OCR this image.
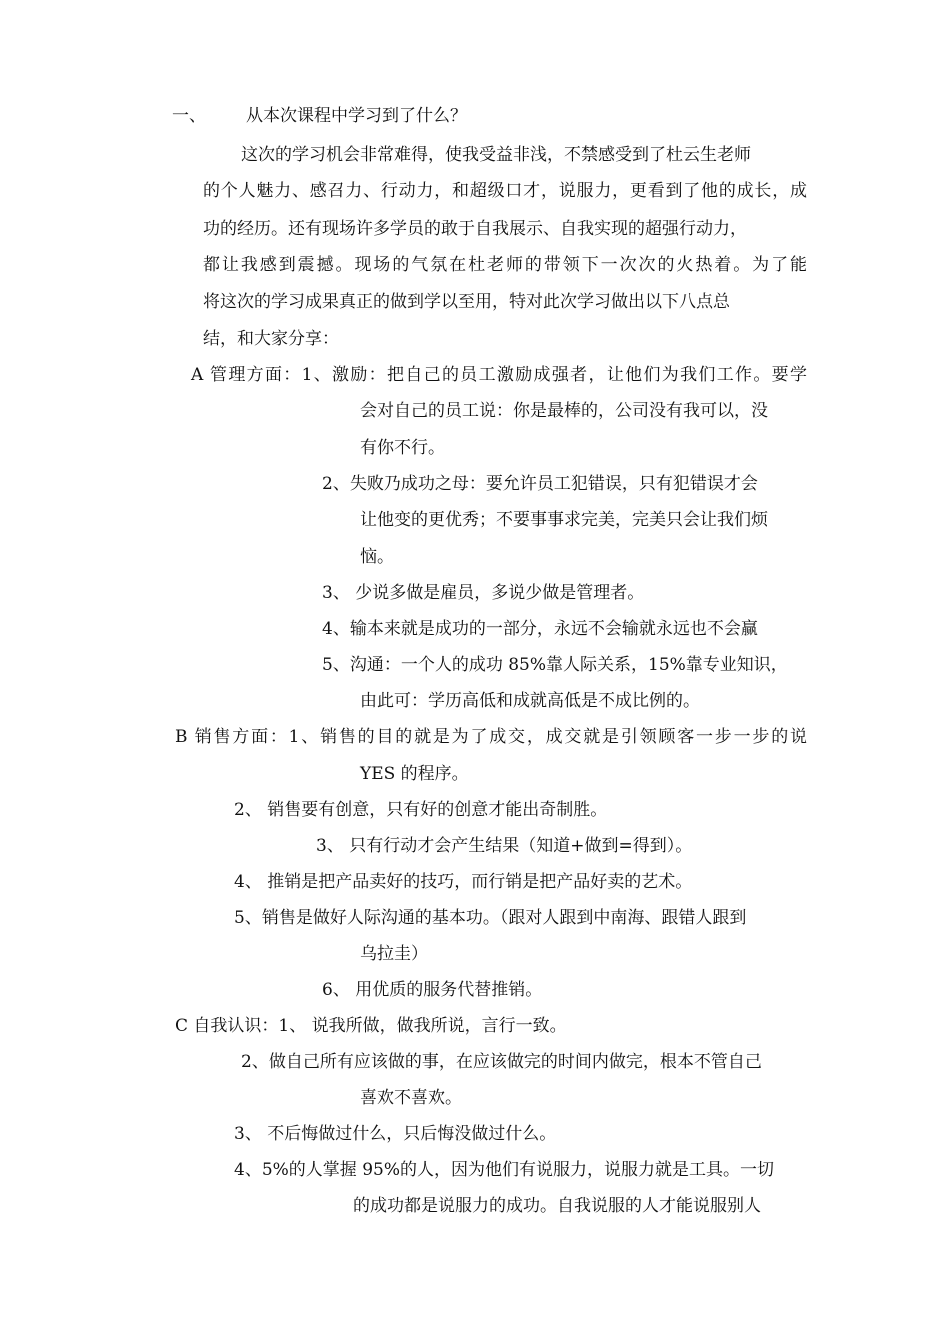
一、 从本次课程中学习到了什么？
这次的学习机会非常难得，使我受益非浅，不禁感受到了杜云生老师
的个人魅力、感召力、行动力，和超级口才，说服力，更看到了他的成长，成
功的经历。还有现场许多学员的敢于自我展示、自我实现的超强行动力，
都让我感到震撼。现场的气氛在杜老师的带领下一次次的火热着。为了能
将这次的学习成果真正的做到学以至用，特对此次学习做出以下八点总
结，和大家分享：
A 管理方面：1、激励：把自己的员工激励成强者，让他们为我们工作。要学
会对自己的员工说：你是最棒的，公司没有我可以，没
有你不行。
2、失败乃成功之母：要允许员工犯错误，只有犯错误才会
让他变的更优秀；不要事事求完美，完美只会让我们烦
恼。
3、 少说多做是雇员，多说少做是管理者。
4、输本来就是成功的一部分，永远不会输就永远也不会赢
5、沟通：一个人的成功 85%靠人际关系，15%靠专业知识，
由此可：学历高低和成就高低是不成比例的。
B 销售方面：1、销售的目的就是为了成交，成交就是引领顾客一步一步的说
YES 的程序。
2、 销售要有创意，只有好的创意才能出奇制胜。
3、 只有行动才会产生结果（知道+做到=得到）。
4、 推销是把产品卖好的技巧，而行销是把产品好卖的艺术。
5、销售是做好人际沟通的基本功。（跟对人跟到中南海、跟错人跟到
乌拉圭）
6、 用优质的服务代替推销。
C 自我认识：1、 说我所做，做我所说，言行一致。
2、做自己所有应该做的事，在应该做完的时间内做完，根本不管自己
喜欢不喜欢。
3、 不后悔做过什么，只后悔没做过什么。
4、5%的人掌握 95%的人，因为他们有说服力，说服力就是工具。一切
的成功都是说服力的成功。自我说服的人才能说服别人
